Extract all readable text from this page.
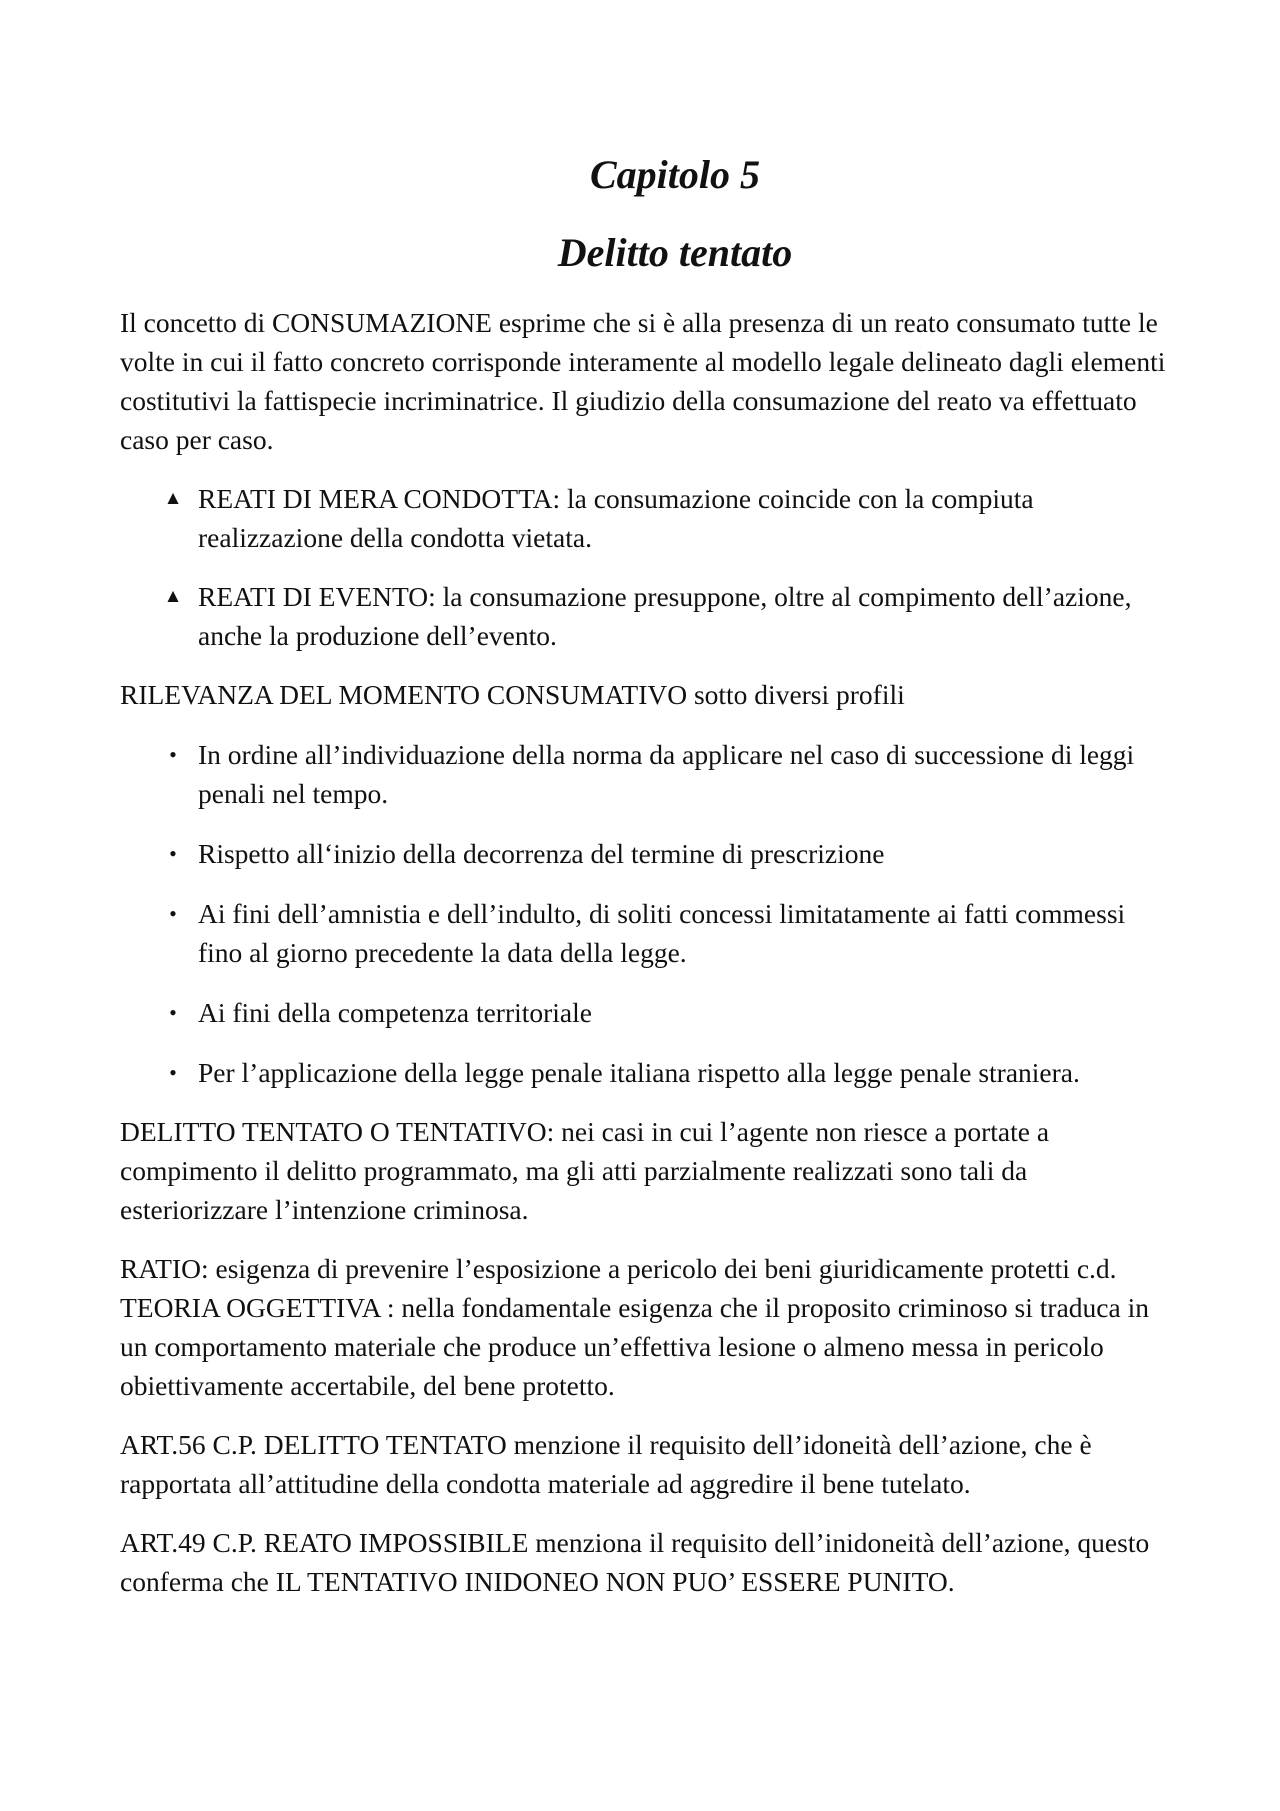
Capitolo 5
Delitto tentato

Il concetto di CONSUMAZIONE esprime che si è alla presenza di un reato consumato tutte le volte in cui il fatto concreto corrisponde interamente al modello legale delineato dagli elementi costitutivi la fattispecie incriminatrice. Il giudizio della consumazione del reato va effettuato caso per caso.

▲ REATI DI MERA CONDOTTA: la consumazione coincide con la compiuta realizzazione della condotta vietata.
▲ REATI DI EVENTO: la consumazione presuppone, oltre al compimento dell’azione, anche la produzione dell’evento.

RILEVANZA DEL MOMENTO CONSUMATIVO sotto diversi profili

• In ordine all’individuazione della norma da applicare nel caso di successione di leggi penali nel tempo.
• Rispetto all‘inizio della decorrenza del termine di prescrizione
• Ai fini dell’amnistia e dell’indulto, di soliti concessi limitatamente ai fatti commessi fino al giorno precedente la data della legge.
• Ai fini della competenza territoriale
• Per l’applicazione della legge penale italiana rispetto alla legge penale straniera.

DELITTO TENTATO O TENTATIVO: nei casi in cui l’agente non riesce a portate a compimento il delitto programmato, ma gli atti parzialmente realizzati sono tali da esteriorizzare l’intenzione criminosa.

RATIO: esigenza di prevenire l’esposizione a pericolo dei beni giuridicamente protetti c.d. TEORIA OGGETTIVA : nella fondamentale esigenza che il proposito criminoso si traduca in un comportamento materiale che produce un’effettiva lesione o almeno messa in pericolo obiettivamente accertabile, del bene protetto.

ART.56 C.P. DELITTO TENTATO menzione il requisito dell’idoneità dell’azione, che è rapportata all’attitudine della condotta materiale ad aggredire il bene tutelato.

ART.49 C.P. REATO IMPOSSIBILE menziona il requisito dell’inidoneità dell’azione, questo conferma che IL TENTATIVO INIDONEO NON PUO’ ESSERE PUNITO.
